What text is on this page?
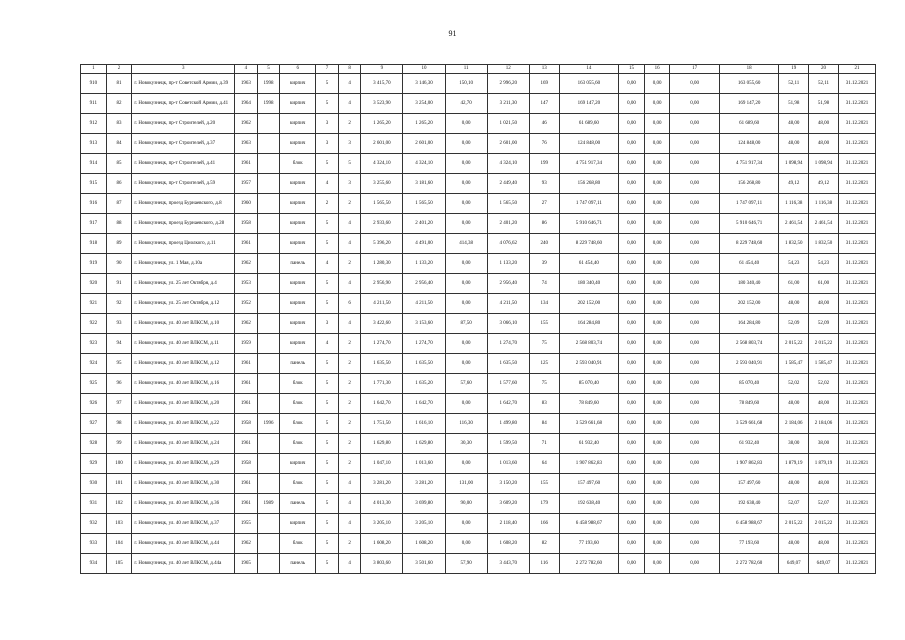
91
1	2	3	4	5	6	7	8	9	10	11	12	13	14	15	16	17	18	19	20	21
910	81	г. Новокузнецк, пр-т Советской Армии, д.39	1963	1998	кирпич	5	4	3 415,70	3 146,30	150,10	2 996,20	169	163 055,60	0,00	0,00	0,00	163 055,60	52,11	52,11	31.12.2021
911	82	г. Новокузнецк, пр-т Советской Армии, д.41	1964	1998	кирпич	5	4	3 523,90	3 254,00	42,70	3 211,30	147	169 147,20	0,00	0,00	0,00	169 147,20	51,98	51,98	31.12.2021
912	83	г. Новокузнецк, пр-т Строителей, д.20	1962		кирпич	3	2	1 265,20	1 265,20	0,00	1 021,50	46	61 689,60	0,00	0,00	0,00	61 689,60	48,00	48,00	31.12.2021
913	84	г. Новокузнецк, пр-т Строителей, д.37	1963		кирпич	3	3	2 601,00	2 601,00	0,00	2 601,00	76	124 848,00	0,00	0,00	0,00	124 848,00	48,00	48,00	31.12.2021
914	85	г. Новокузнецк, пр-т Строителей, д.41	1961		блок	5	5	4 324,10	4 324,10	0,00	4 324,10	199	4 751 917,34	0,00	0,00	0,00	4 751 917,34	1 098,94	1 098,94	31.12.2021
915	86	г. Новокузнецк, пр-т Строителей, д.59	1957		кирпич	4	3	3 255,60	3 181,60	0,00	2 449,40	93	156 268,80	0,00	0,00	0,00	156 268,80	49,12	49,12	31.12.2021
916	87	г. Новокузнецк, проезд Бурнаевского, д.8	1960		кирпич	2	2	1 565,50	1 565,50	0,00	1 565,50	27	1 747 097,11	0,00	0,00	0,00	1 747 097,11	1 116,38	1 116,38	31.12.2021
917	88	г. Новокузнецк, проезд Бурнаевского, д.28	1958		кирпич	5	4	2 933,60	2 401,20	0,00	2 401,20	86	5 910 646,71	0,00	0,00	0,00	5 910 646,71	2 461,54	2 461,54	31.12.2021
918	89	г. Новокузнецк, проезд Циолкого, д.11	1961		кирпич	5	4	5 396,20	4 491,00	414,38	4 076,62	240	8 229 748,60	0,00	0,00	0,00	8 229 748,60	1 832,50	1 832,50	31.12.2021
919	90	г. Новокузнецк, ул. 1 Мая, д.10а	1962		панель	4	2	1 280,30	1 133,20	0,00	1 133,20	39	61 454,40	0,00	0,00	0,00	61 454,40	54,23	54,23	31.12.2021
920	91	г. Новокузнецк, ул. 25 лет Октября, д.4	1953		кирпич	5	4	2 956,90	2 956,40	0,00	2 956,40	74	180 340,40	0,00	0,00	0,00	180 340,40	61,00	61,00	31.12.2021
921	92	г. Новокузнецк, ул. 25 лет Октября, д.12	1952		кирпич	5	6	4 211,50	4 211,50	0,00	4 211,50	134	202 152,00	0,00	0,00	0,00	202 152,00	48,00	48,00	31.12.2021
922	93	г. Новокузнецк, ул. 40 лет ВЛКСМ, д.10	1962		кирпич	3	4	3 422,60	3 153,60	87,50	3 066,10	155	164 284,80	0,00	0,00	0,00	164 284,80	52,09	52,09	31.12.2021
923	94	г. Новокузнецк, ул. 40 лет ВЛКСМ, д.11	1959		кирпич	4	2	1 274,70	1 274,70	0,00	1 274,70	75	2 568 803,74	0,00	0,00	0,00	2 568 803,74	2 015,22	2 015,22	31.12.2021
924	95	г. Новокузнецк, ул. 40 лет ВЛКСМ, д.12	1961		панель	5	2	1 635,50	1 635,50	0,00	1 635,50	125	2 593 040,91	0,00	0,00	0,00	2 593 040,91	1 585,47	1 585,47	31.12.2021
925	96	г. Новокузнецк, ул. 40 лет ВЛКСМ, д.16	1961		блок	5	2	1 771,30	1 635,20	57,60	1 577,60	75	85 070,40	0,00	0,00	0,00	85 070,40	52,02	52,02	31.12.2021
926	97	г. Новокузнецк, ул. 40 лет ВЛКСМ, д.20	1961		блок	5	2	1 642,70	1 642,70	0,00	1 642,70	83	78 849,60	0,00	0,00	0,00	78 849,60	48,00	48,00	31.12.2021
927	98	г. Новокузнецк, ул. 40 лет ВЛКСМ, д.22	1958	1996	блок	5	2	1 751,50	1 616,10	116,30	1 499,80	84	3 529 661,68	0,00	0,00	0,00	3 529 661,68	2 184,06	2 184,06	31.12.2021
928	99	г. Новокузнецк, ул. 40 лет ВЛКСМ, д.24	1961		блок	5	2	1 629,80	1 629,80	30,30	1 599,50	71	61 932,40	0,00	0,00	0,00	61 932,40	38,00	38,00	31.12.2021
929	100	г. Новокузнецк, ул. 40 лет ВЛКСМ, д.29	1958		кирпич	5	2	1 047,10	1 013,60	0,00	1 013,60	64	1 907 862,83	0,00	0,00	0,00	1 907 862,83	1 879,19	1 879,19	31.12.2021
930	101	г. Новокузнецк, ул. 40 лет ВЛКСМ, д.30	1961		блок	5	4	3 281,20	3 281,20	131,00	3 150,20	155	157 497,60	0,00	0,00	0,00	157 497,60	48,00	48,00	31.12.2021
931	102	г. Новокузнецк, ул. 40 лет ВЛКСМ, д.36	1961	1989	панель	5	4	4 013,30	3 699,80	90,00	3 609,20	179	192 638,40	0,00	0,00	0,00	192 638,40	52,07	52,07	31.12.2021
932	103	г. Новокузнецк, ул. 40 лет ВЛКСМ, д.37	1955		кирпич	5	4	3 205,10	3 205,10	0,00	2 118,40	166	6 458 988,67	0,00	0,00	0,00	6 458 988,67	2 015,22	2 015,22	31.12.2021
933	104	г. Новокузнецк, ул. 40 лет ВЛКСМ, д.44	1962		блок	5	2	1 608,20	1 608,20	0,00	1 608,20	82	77 193,60	0,00	0,00	0,00	77 193,60	48,00	48,00	31.12.2021
934	105	г. Новокузнецк, ул. 40 лет ВЛКСМ, д.44а	1965		панель	5	4	3 803,60	3 501,60	57,90	3 443,70	116	2 272 782,60	0,00	0,00	0,00	2 272 782,60	649,07	649,07	31.12.2021
